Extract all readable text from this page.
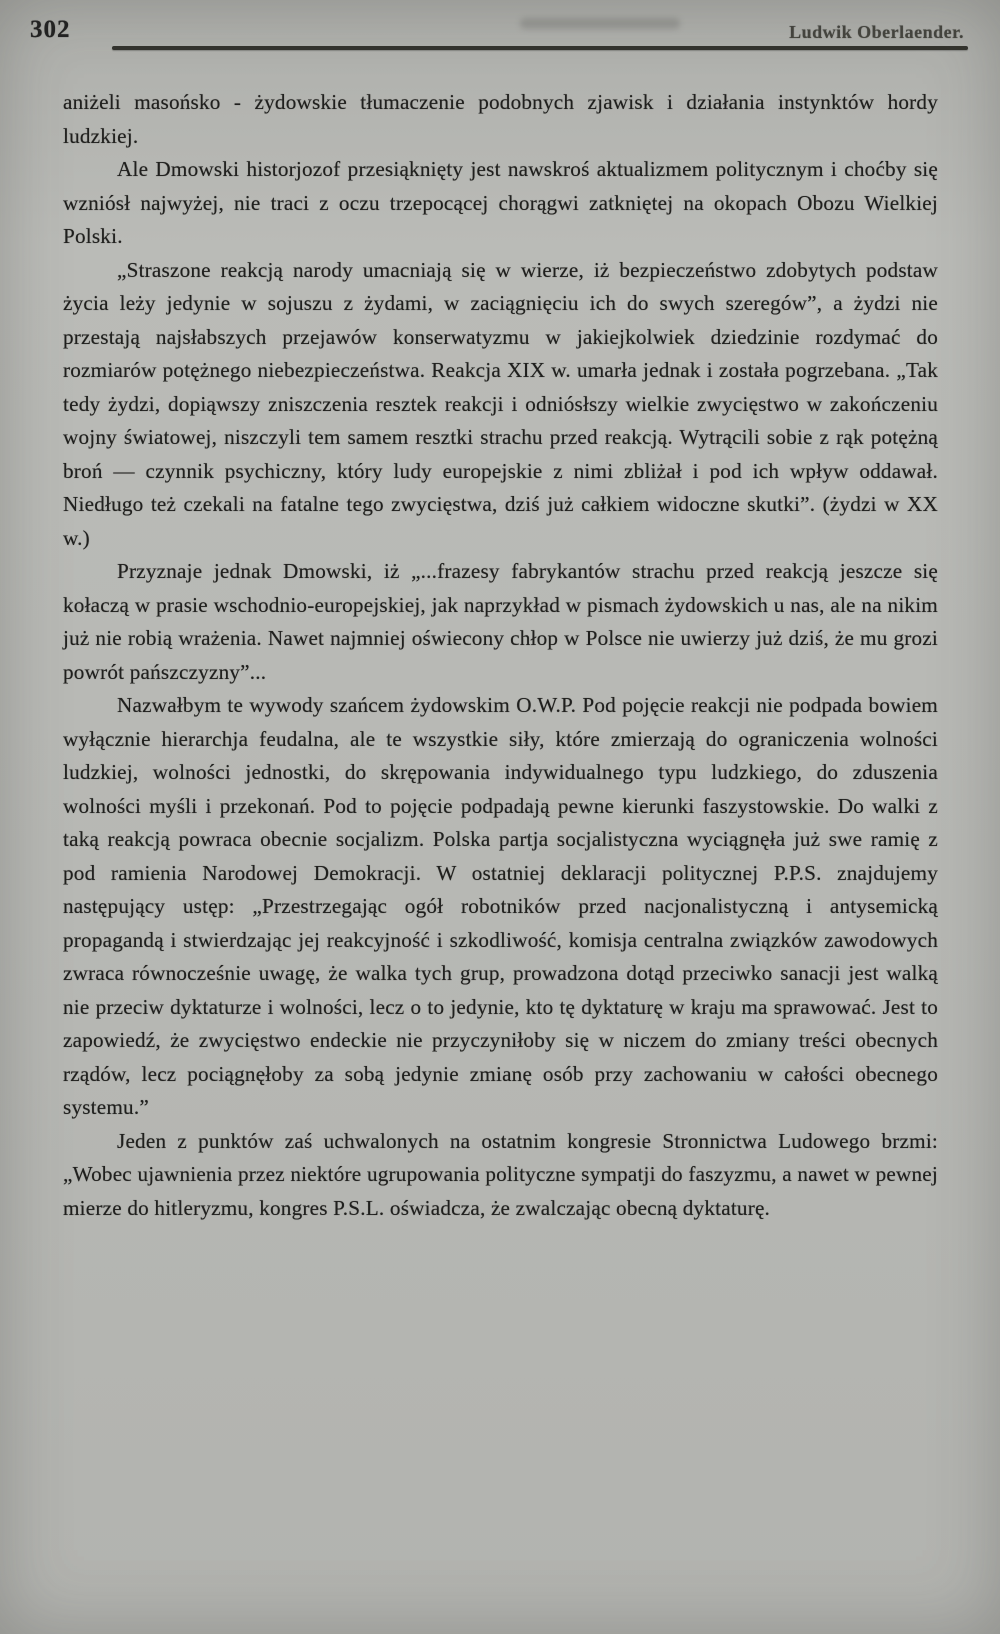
302	Ludwik Oberlaender.

aniżeli masońsko - żydowskie tłumaczenie podobnych zjawisk i działania instynktów hordy ludzkiej.

Ale Dmowski historjozof przesiąknięty jest nawskroś aktualizmem politycznym i choćby się wzniósł najwyżej, nie traci z oczu trzepocącej chorągwi zatkniętej na okopach Obozu Wielkiej Polski.

„Straszone reakcją narody umacniają się w wierze, iż bezpieczeństwo zdobytych podstaw życia leży jedynie w sojuszu z żydami, w zaciągnięciu ich do swych szeregów”, a żydzi nie przestają najsłabszych przejawów konserwatyzmu w jakiejkolwiek dziedzinie rozdymać do rozmiarów potężnego niebezpieczeństwa. Reakcja XIX w. umarła jednak i została pogrzebana. „Tak tedy żydzi, dopiąwszy zniszczenia resztek reakcji i odniósłszy wielkie zwycięstwo w zakończeniu wojny światowej, niszczyli tem samem resztki strachu przed reakcją. Wytrącili sobie z rąk potężną broń — czynnik psychiczny, który ludy europejskie z nimi zbliżał i pod ich wpływ oddawał. Niedługo też czekali na fatalne tego zwycięstwa, dziś już całkiem widoczne skutki”. (żydzi w XX w.)

Przyznaje jednak Dmowski, iż „...frazesy fabrykantów strachu przed reakcją jeszcze się kołaczą w prasie wschodnio-europejskiej, jak naprzykład w pismach żydowskich u nas, ale na nikim już nie robią wrażenia. Nawet najmniej oświecony chłop w Polsce nie uwierzy już dziś, że mu grozi powrót pańszczyzny”...

Nazwałbym te wywody szańcem żydowskim O.W.P. Pod pojęcie reakcji nie podpada bowiem wyłącznie hierarchja feudalna, ale te wszystkie siły, które zmierzają do ograniczenia wolności ludzkiej, wolności jednostki, do skrępowania indywidualnego typu ludzkiego, do zduszenia wolności myśli i przekonań. Pod to pojęcie podpadają pewne kierunki faszystowskie. Do walki z taką reakcją powraca obecnie socjalizm. Polska partja socjalistyczna wyciągnęła już swe ramię z pod ramienia Narodowej Demokracji. W ostatniej deklaracji politycznej P.P.S. znajdujemy następujący ustęp: „Przestrzegając ogół robotników przed nacjonalistyczną i antysemicką propagandą i stwierdzając jej reakcyjność i szkodliwość, komisja centralna związków zawodowych zwraca równocześnie uwagę, że walka tych grup, prowadzona dotąd przeciwko sanacji jest walką nie przeciw dyktaturze i wolności, lecz o to jedynie, kto tę dyktaturę w kraju ma sprawować. Jest to zapowiedź, że zwycięstwo endeckie nie przyczyniłoby się w niczem do zmiany treści obecnych rządów, lecz pociągnęłoby za sobą jedynie zmianę osób przy zachowaniu w całości obecnego systemu.”

Jeden z punktów zaś uchwalonych na ostatnim kongresie Stronnictwa Ludowego brzmi: „Wobec ujawnienia przez niektóre ugrupowania polityczne sympatji do faszyzmu, a nawet w pewnej mierze do hitleryzmu, kongres P.S.L. oświadcza, że zwalczając obecną dyktaturę.
